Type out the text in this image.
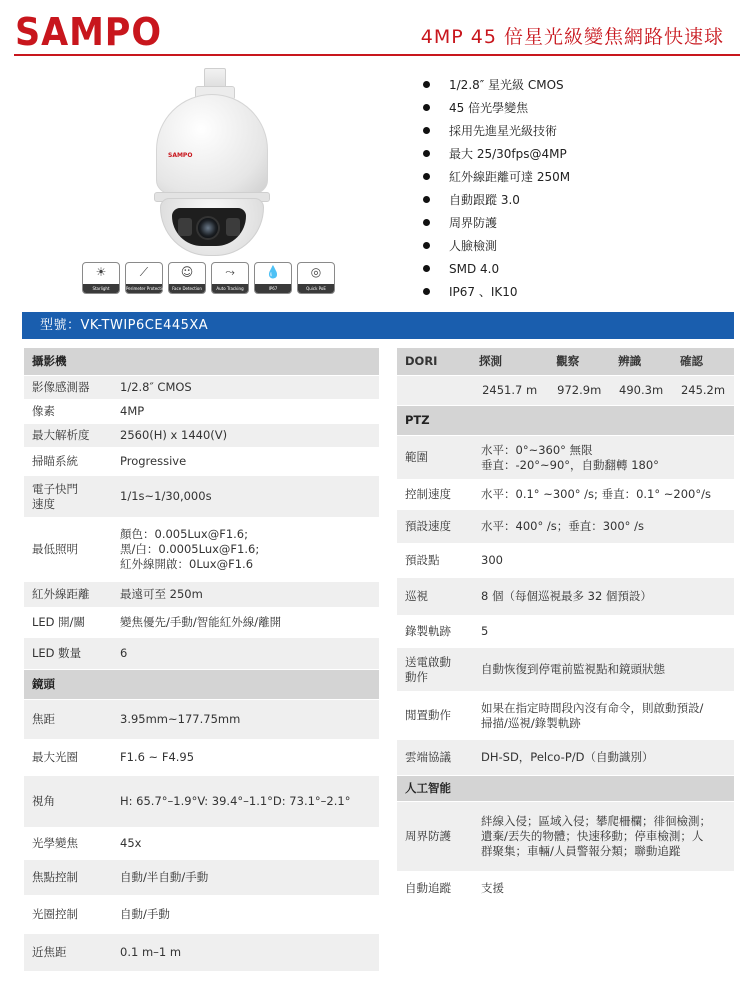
SAMPO	4MP 45 倍星光級變焦網路快速球
SAMPO
☀
Starlight
⟋
Perimeter Protection
☺
Face Detection
⤳
Auto Tracking
💧
IP67
◎
Quick PoE
1/2.8″ 星光級 CMOS
45 倍光學變焦
採用先進星光級技術
最大 25/30fps@4MP
紅外線距離可達 250M
自動跟蹤 3.0
周界防護
人臉檢測
SMD 4.0
IP67 、IK10
型號：VK-TWIP6CE445XA
攝影機	
影像感測器	1/2.8″ CMOS
像素	4MP
最大解析度	2560(H) x 1440(V)
掃瞄系統	Progressive
電子快門
速度	1/1s~1/30,000s
最低照明	顏色：0.005Lux@F1.6;
黑/白：0.0005Lux@F1.6;
紅外線開啟：0Lux@F1.6
紅外線距離	最遠可至 250m
LED 開/關	變焦優先/手動/智能紅外線/離開
LED 數量	6
鏡頭	
焦距	3.95mm~177.75mm
最大光圈	F1.6 ~ F4.95
視角	H: 65.7°–1.9°V: 39.4°–1.1°D: 73.1°–2.1°
光學變焦	45x
焦點控制	自動/半自動/手動
光圈控制	自動/手動
近焦距	0.1 m–1 m
DORI	探測	觀察	辨識	確認
	2451.7 m	972.9m	490.3m	245.2m
PTZ				
範圍	水平：0°~360° 無限
垂直：-20°~90°，自動翻轉 180°			
控制速度	水平：0.1° ~300° /s; 垂直：0.1° ~200°/s			
預設速度	水平：400° /s；垂直：300° /s			
預設點	300			
巡視	8 個（每個巡視最多 32 個預設）			
錄製軌跡	5			
送電啟動
動作	自動恢復到停電前監視點和鏡頭狀態			
閒置動作	如果在指定時間段內沒有命令，則啟動預設/
掃描/巡視/錄製軌跡			
雲端協議	DH-SD，Pelco-P/D（自動識別）			
人工智能				
周界防護	絆線入侵；區域入侵；攀爬柵欄；徘徊檢測；
遺棄/丟失的物體；快速移動；停車檢測；人
群聚集；車輛/人員警報分類；聯動追蹤			
自動追蹤	支援			
